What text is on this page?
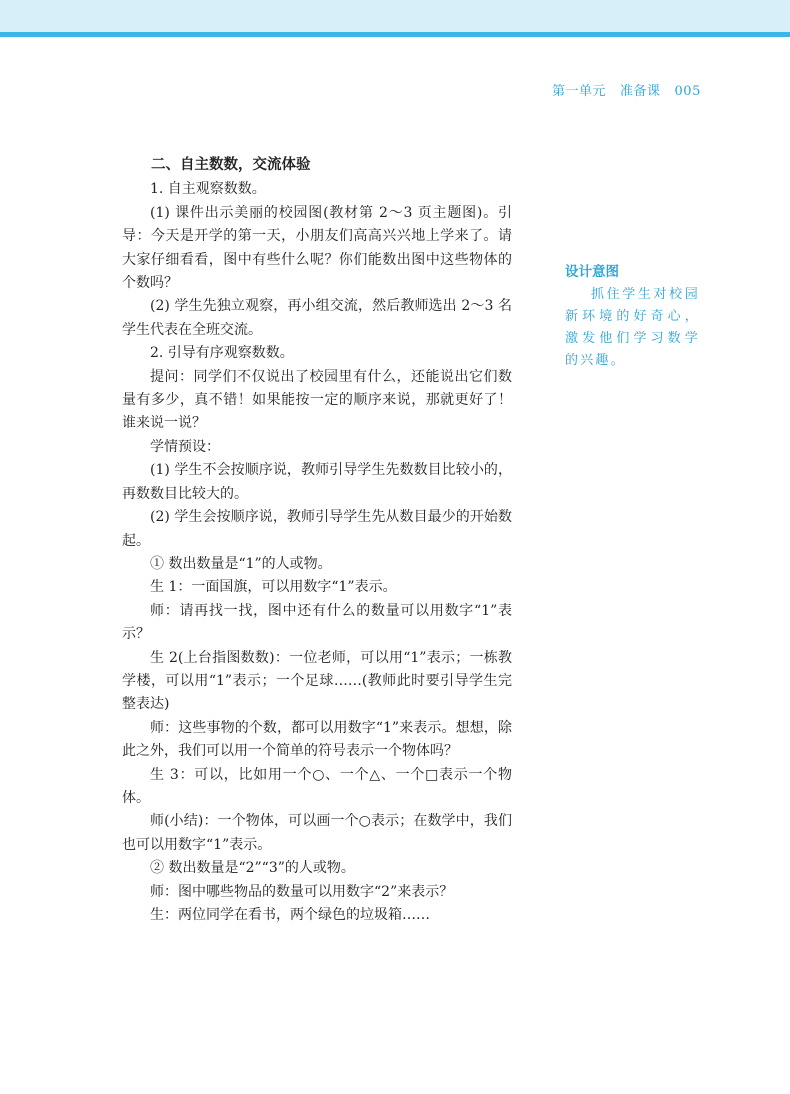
第一单元 准备课 005

二、自主数数，交流体验

1. 自主观察数数。

(1) 课件出示美丽的校园图(教材第 2～3 页主题图)。引导：今天是开学的第一天，小朋友们高高兴兴地上学来了。请大家仔细看看，图中有些什么呢？你们能数出图中这些物体的个数吗？

(2) 学生先独立观察，再小组交流，然后教师选出 2～3 名学生代表在全班交流。

2. 引导有序观察数数。

提问：同学们不仅说出了校园里有什么，还能说出它们数量有多少，真不错！如果能按一定的顺序来说，那就更好了！谁来说一说？

学情预设：

(1) 学生不会按顺序说，教师引导学生先数数目比较小的，再数数目比较大的。

(2) 学生会按顺序说，教师引导学生先从数目最少的开始数起。

① 数出数量是“1”的人或物。

生 1：一面国旗，可以用数字“1”表示。

师：请再找一找，图中还有什么的数量可以用数字“1”表示？

生 2(上台指图数数)：一位老师，可以用“1”表示；一栋教学楼，可以用“1”表示；一个足球……(教师此时要引导学生完整表达)

师：这些事物的个数，都可以用数字“1”来表示。想想，除此之外，我们可以用一个简单的符号表示一个物体吗？

生 3：可以，比如用一个○、一个△、一个□表示一个物体。

师(小结)：一个物体，可以画一个○表示；在数学中，我们也可以用数字“1”表示。

② 数出数量是“2”“3”的人或物。

师：图中哪些物品的数量可以用数字“2”来表示？

生：两位同学在看书，两个绿色的垃圾箱……

设计意图

抓住学生对校园新环境的好奇心，激发他们学习数学的兴趣。
